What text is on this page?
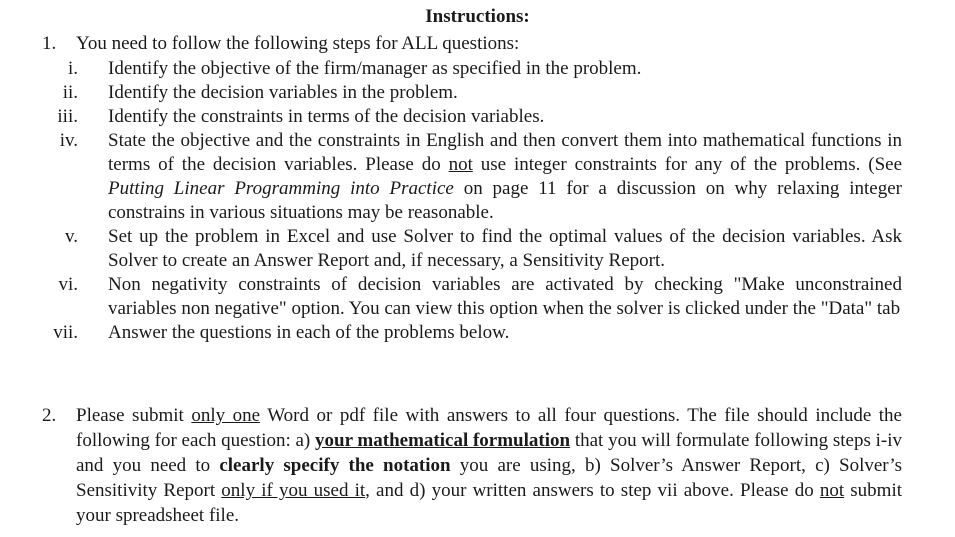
Instructions:
1. You need to follow the following steps for ALL questions:
i. Identify the objective of the firm/manager as specified in the problem.
ii. Identify the decision variables in the problem.
iii. Identify the constraints in terms of the decision variables.
iv. State the objective and the constraints in English and then convert them into mathematical functions in terms of the decision variables. Please do not use integer constraints for any of the problems. (See Putting Linear Programming into Practice on page 11 for a discussion on why relaxing integer constrains in various situations may be reasonable.
v. Set up the problem in Excel and use Solver to find the optimal values of the decision variables. Ask Solver to create an Answer Report and, if necessary, a Sensitivity Report.
vi. Non negativity constraints of decision variables are activated by checking "Make unconstrained variables non negative" option. You can view this option when the solver is clicked under the "Data" tab
vii. Answer the questions in each of the problems below.
2. Please submit only one Word or pdf file with answers to all four questions. The file should include the following for each question: a) your mathematical formulation that you will formulate following steps i-iv and you need to clearly specify the notation you are using, b) Solver’s Answer Report, c) Solver’s Sensitivity Report only if you used it, and d) your written answers to step vii above. Please do not submit your spreadsheet file.
